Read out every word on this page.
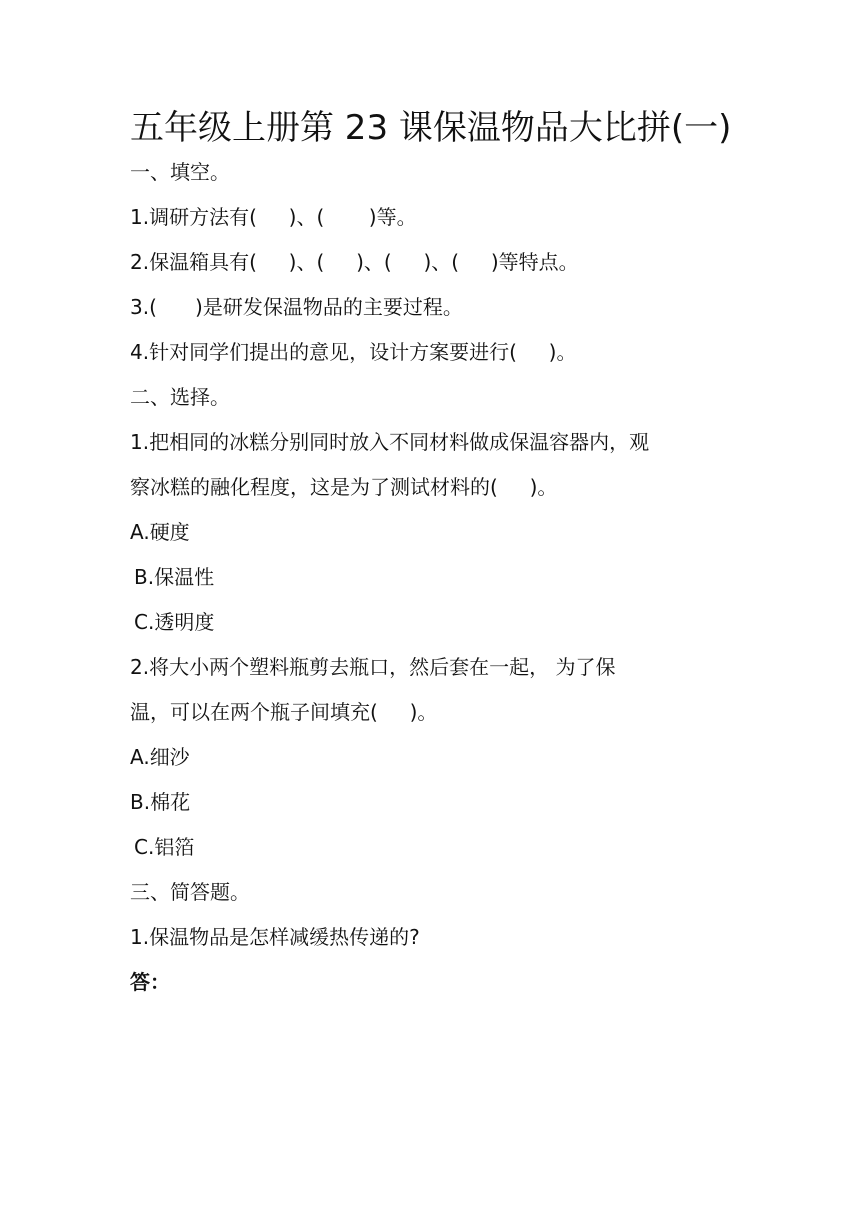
五年级上册第 23 课保温物品大比拼(一)
一、填空。
1.调研方法有(     )、(       )等。
2.保温箱具有(     )、(     )、(     )、(     )等特点。
3.(      )是研发保温物品的主要过程。
4.针对同学们提出的意见，设计方案要进行(     )。
二、选择。
1.把相同的冰糕分别同时放入不同材料做成保温容器内，观
察冰糕的融化程度，这是为了测试材料的(     )。
A.硬度
B.保温性
C.透明度
2.将大小两个塑料瓶剪去瓶口，然后套在一起， 为了保
温，可以在两个瓶子间填充(     )。
A.细沙
B.棉花
C.铝箔
三、简答题。
1.保温物品是怎样减缓热传递的?
答：
